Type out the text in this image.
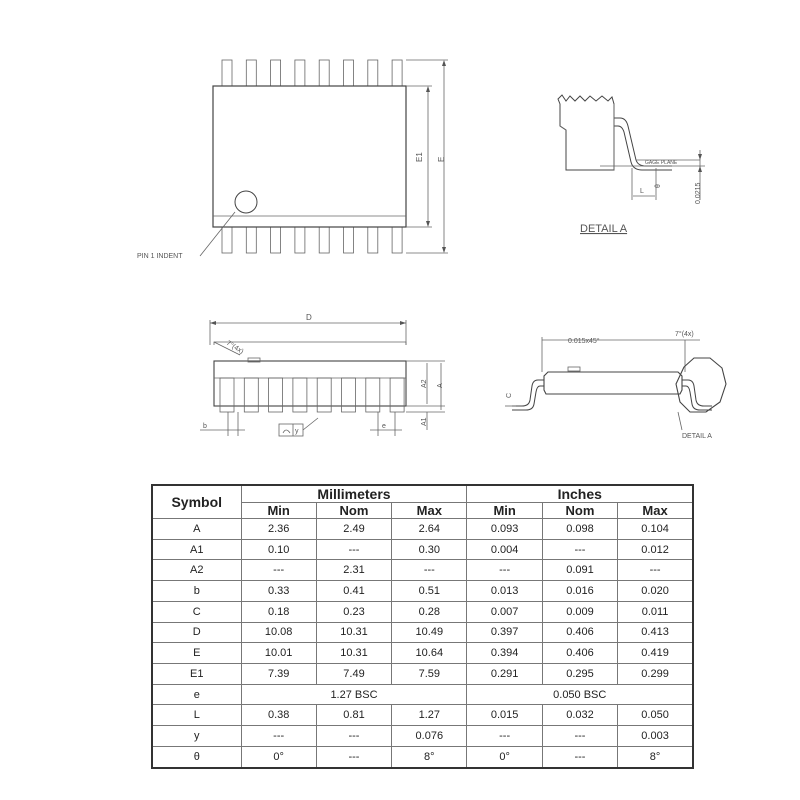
PIN 1 INDENT
E1 E
GAGE PLANE
L
θ	0.0215
DETAIL A
D
7°(4x)
A2 A
A1
b	e
y
0.015x45°
7°(4x)
C
DETAIL A
Symbol	Millimeters			Inches		
	Min	Nom	Max	Min	Nom	Max
A	2.36	2.49	2.64	0.093	0.098	0.104
A1	0.10	---	0.30	0.004	---	0.012
A2	---	2.31	---	---	0.091	---
b	0.33	0.41	0.51	0.013	0.016	0.020
C	0.18	0.23	0.28	0.007	0.009	0.011
D	10.08	10.31	10.49	0.397	0.406	0.413
E	10.01	10.31	10.64	0.394	0.406	0.419
E1	7.39	7.49	7.59	0.291	0.295	0.299
e	1.27 BSC			0.050 BSC		
L	0.38	0.81	1.27	0.015	0.032	0.050
y	---	---	0.076	---	---	0.003
θ	0°	---	8°	0°	---	8°
